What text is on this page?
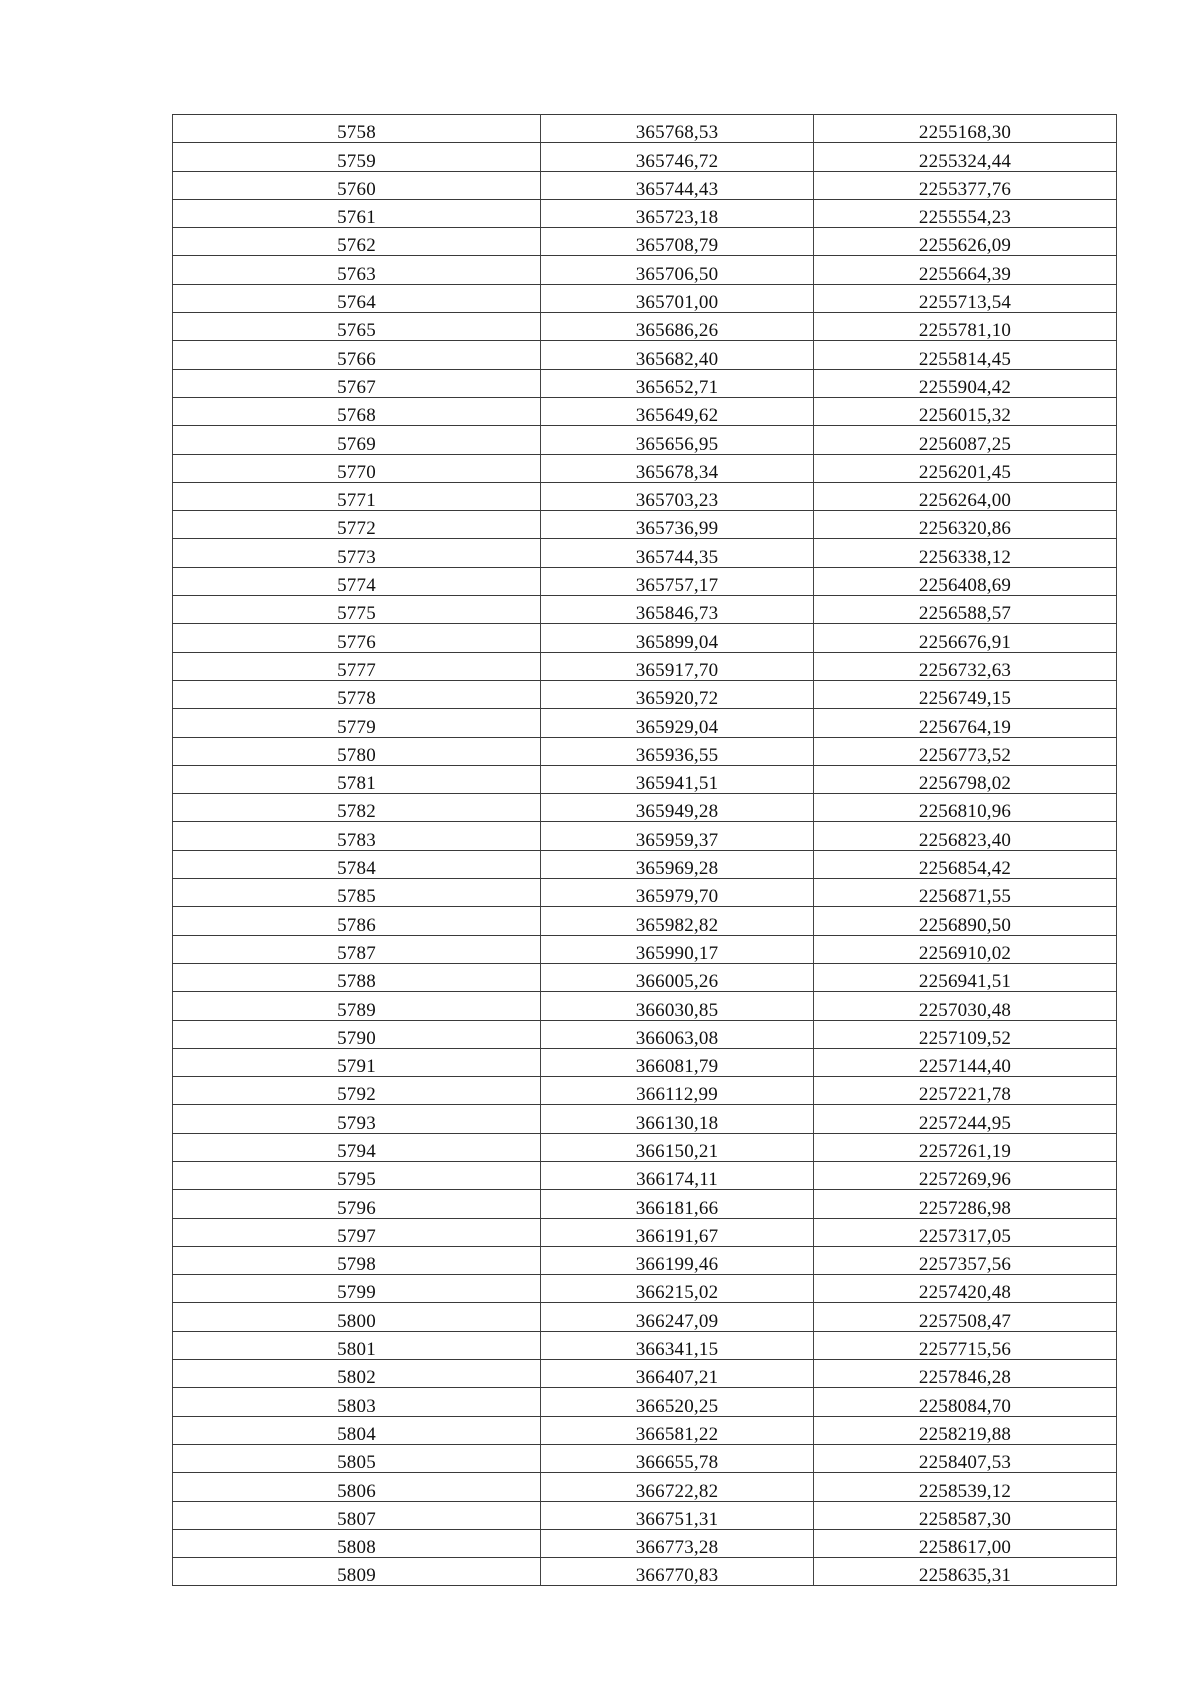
5758	365768,53	2255168,30
5759	365746,72	2255324,44
5760	365744,43	2255377,76
5761	365723,18	2255554,23
5762	365708,79	2255626,09
5763	365706,50	2255664,39
5764	365701,00	2255713,54
5765	365686,26	2255781,10
5766	365682,40	2255814,45
5767	365652,71	2255904,42
5768	365649,62	2256015,32
5769	365656,95	2256087,25
5770	365678,34	2256201,45
5771	365703,23	2256264,00
5772	365736,99	2256320,86
5773	365744,35	2256338,12
5774	365757,17	2256408,69
5775	365846,73	2256588,57
5776	365899,04	2256676,91
5777	365917,70	2256732,63
5778	365920,72	2256749,15
5779	365929,04	2256764,19
5780	365936,55	2256773,52
5781	365941,51	2256798,02
5782	365949,28	2256810,96
5783	365959,37	2256823,40
5784	365969,28	2256854,42
5785	365979,70	2256871,55
5786	365982,82	2256890,50
5787	365990,17	2256910,02
5788	366005,26	2256941,51
5789	366030,85	2257030,48
5790	366063,08	2257109,52
5791	366081,79	2257144,40
5792	366112,99	2257221,78
5793	366130,18	2257244,95
5794	366150,21	2257261,19
5795	366174,11	2257269,96
5796	366181,66	2257286,98
5797	366191,67	2257317,05
5798	366199,46	2257357,56
5799	366215,02	2257420,48
5800	366247,09	2257508,47
5801	366341,15	2257715,56
5802	366407,21	2257846,28
5803	366520,25	2258084,70
5804	366581,22	2258219,88
5805	366655,78	2258407,53
5806	366722,82	2258539,12
5807	366751,31	2258587,30
5808	366773,28	2258617,00
5809	366770,83	2258635,31
